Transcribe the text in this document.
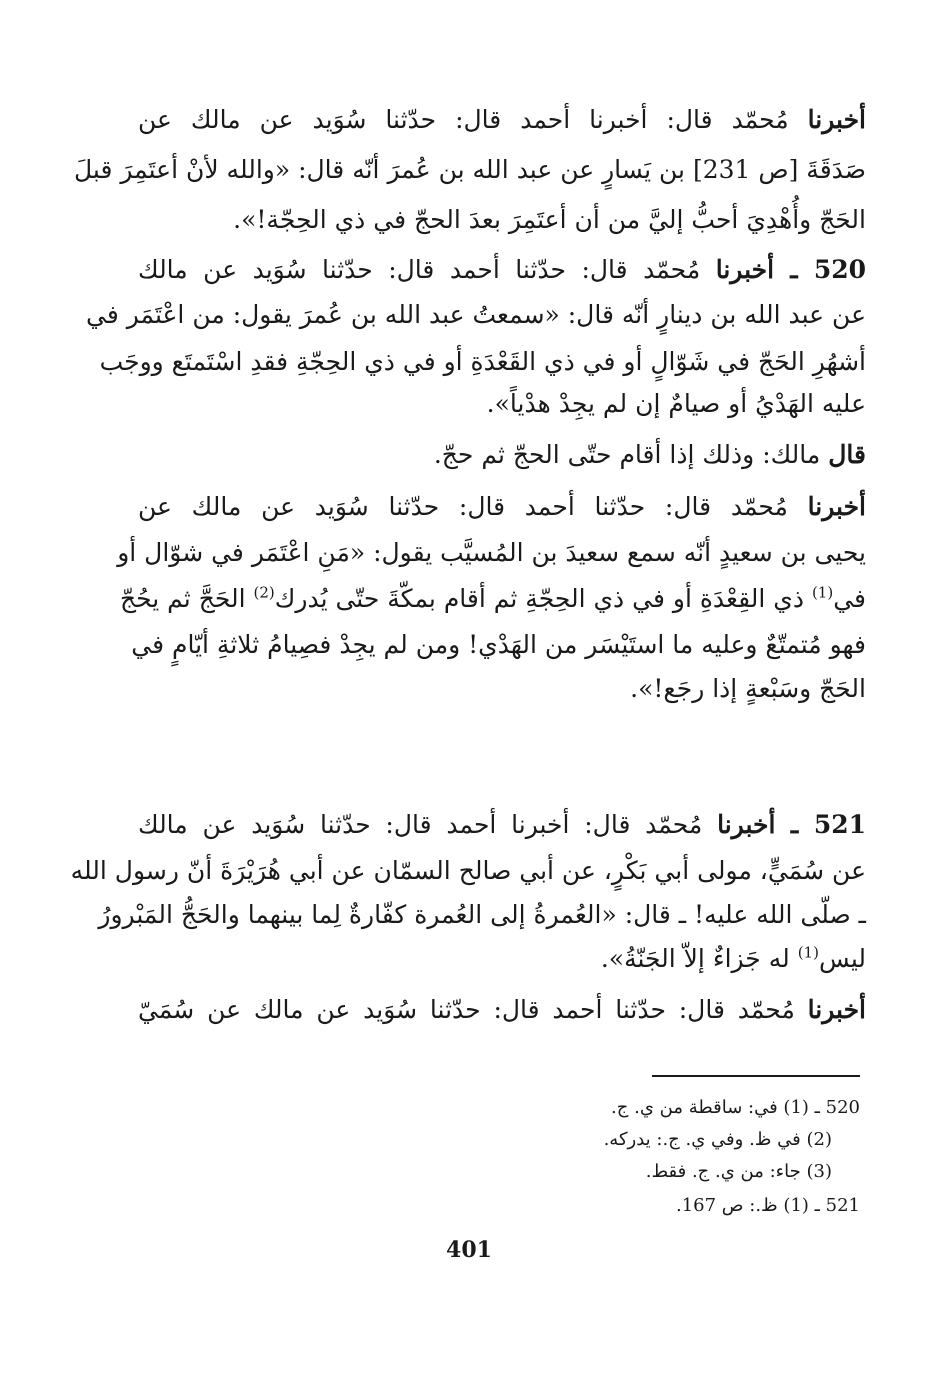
أخبرنا مُحمّد قال: أخبرنا أحمد قال: حدّثنا سُوَيد عن مالك عن
صَدَقَةَ [ص 231] بن يَسارٍ عن عبد الله بن عُمرَ أنّه قال: «والله لأنْ أعتَمِرَ قبلَ
الحَجّ وأُهْدِيَ أحبُّ إليَّ من أن أعتَمِرَ بعدَ الحجّ في ذي الحِجّة!».
520 ـ أخبرنا مُحمّد قال: حدّثنا أحمد قال: حدّثنا سُوَيد عن مالك
عن عبد الله بن دينارٍ أنّه قال: «سمعتُ عبد الله بن عُمرَ يقول: من اعْتَمَر في
أشهُرِ الحَجّ في شَوّالٍ أو في ذي القَعْدَةِ أو في ذي الحِجّةِ فقدِ اسْتَمتَع ووجَب
عليه الهَدْيُ أو صيامٌ إن لم يجِدْ هدْياً».
قال مالك: وذلك إذا أقام حتّى الحجّ ثم حجّ.
أخبرنا مُحمّد قال: حدّثنا أحمد قال: حدّثنا سُوَيد عن مالك عن
يحيى بن سعيدٍ أنّه سمع سعيدَ بن المُسيَّب يقول: «مَنِ اعْتَمَر في شوّال أو
في$^{(1)}$ ذي القِعْدَةِ أو في ذي الحِجّةِ ثم أقام بمكّةَ حتّى يُدرك$^{(2)}$ الحَجَّ ثم يحُجّ
فهو مُتمتّعٌ وعليه ما استَيْسَر من الهَدْي! ومن لم يجِدْ فصِيامُ ثلاثةِ أيّامٍ في
الحَجّ وسَبْعةٍ إذا رجَع!».
521 ـ أخبرنا مُحمّد قال: أخبرنا أحمد قال: حدّثنا سُوَيد عن مالك
عن سُمَيٍّ، مولى أبي بَكْرٍ، عن أبي صالح السمّان عن أبي هُرَيْرَةَ أنّ رسول الله
ـ صلّى الله عليه! ـ قال: «العُمرةُ إلى العُمرة كفّارةٌ لِما بينهما والحَجُّ المَبْرورُ
ليس$^{(1)}$ له جَزاءٌ إلاّ الجَنّةُ».
أخبرنا مُحمّد قال: حدّثنا أحمد قال: حدّثنا سُوَيد عن مالك عن سُمَيّ
520 ـ (1) في: ساقطة من ي. ج.
(2) في ظ. وفي ي. ج.: يدركه.
(3) جاء: من ي. ج. فقط.
521 ـ (1) ظ.: ص 167.
401
